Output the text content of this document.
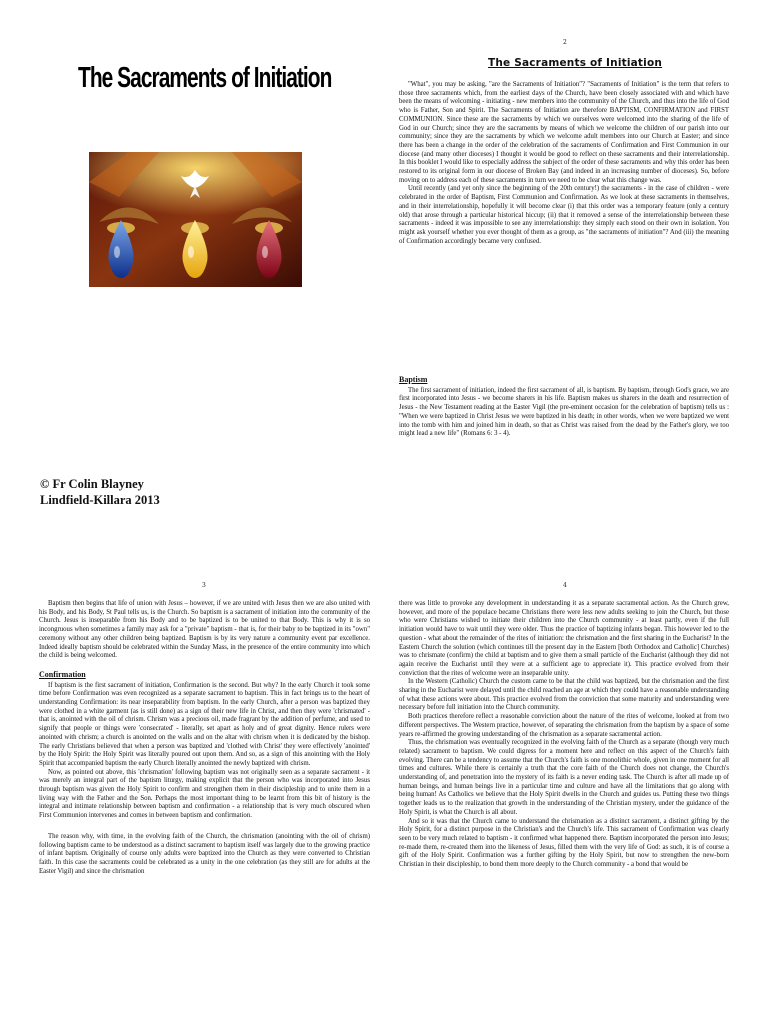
The Sacraments of Initiation
© Fr Colin Blayney
Lindfield-Killara 2013
2
The Sacraments of Initiation

"What", you may be asking, "are the Sacraments of Initiation"? "Sacraments of Initiation" is the term that refers to those three sacraments which, from the earliest days of the Church, have been closely associated with and which have been the means of welcoming - initiating - new members into the community of the Church, and thus into the life of God who is Father, Son and Spirit. The Sacraments of Initiation are therefore BAPTISM, CONFIRMATION and FIRST COMMUNION. Since these are the sacraments by which we ourselves were welcomed into the sharing of the life of God in our Church; since they are the sacraments by means of which we welcome the children of our parish into our community; since they are the sacraments by which we welcome adult members into our Church at Easter; and since there has been a change in the order of the celebration of the sacraments of Confirmation and First Communion in our diocese (and many other dioceses) I thought it would be good to reflect on these sacraments and their interrelationship. In this booklet I would like to especially address the subject of the order of these sacraments and why this order has been restored to its original form in our diocese of Broken Bay (and indeed in an increasing number of dioceses). So, before moving on to address each of these sacraments in turn we need to be clear what this change was.

Until recently (and yet only since the beginning of the 20th century!) the sacraments - in the case of children - were celebrated in the order of Baptism, First Communion and Confirmation. As we look at these sacraments in themselves, and in their interrelationship, hopefully it will become clear (i) that this order was a temporary feature (only a century old) that arose through a particular historical hiccup; (ii) that it removed a sense of the interrelationship between these sacraments - indeed it was impossible to see any interrelationship: they simply each stood on their own in isolation. You might ask yourself whether you ever thought of them as a group, as "the sacraments of initiation"? And (iii) the meaning of Confirmation accordingly became very confused.

Baptism

The first sacrament of initiation, indeed the first sacrament of all, is baptism. By baptism, through God's grace, we are first incorporated into Jesus - we become sharers in his life. Baptism makes us sharers in the death and resurrection of Jesus - the New Testament reading at the Easter Vigil (the pre-eminent occasion for the celebration of baptism) tells us : "When we were baptized in Christ Jesus we were baptized in his death; in other words, when we were baptized we went into the tomb with him and joined him in death, so that as Christ was raised from the dead by the Father's glory, we too might lead a new life" (Romans 6: 3 - 4).

3

Baptism then begins that life of union with Jesus – however, if we are united with Jesus then we are also united with his Body, and his Body, St Paul tells us, is the Church. So baptism is a sacrament of initiation into the community of the Church. Jesus is inseparable from his Body and to be baptized is to be united to that Body. This is why it is so incongruous when sometimes a family may ask for a "private" baptism - that is, for their baby to be baptized in its "own" ceremony without any other children being baptized. Baptism is by its very nature a community event par excellence. Indeed ideally baptism should be celebrated within the Sunday Mass, in the presence of the entire community into which the child is being welcomed.

Confirmation

If baptism is the first sacrament of initiation, Confirmation is the second. But why? In the early Church it took some time before Confirmation was even recognized as a separate sacrament to baptism. This in fact brings us to the heart of understanding Confirmation: its near inseparability from baptism. In the early Church, after a person was baptized they were clothed in a white garment (as is still done) as a sign of their new life in Christ, and then they were 'chrismated' - that is, anointed with the oil of chrism. Chrism was a precious oil, made fragrant by the addition of perfume, and used to signify that people or things were 'consecrated' - literally, set apart as holy and of great dignity. Hence rulers were anointed with chrism; a church is anointed on the walls and on the altar with chrism when it is dedicated by the bishop. The early Christians believed that when a person was baptized and 'clothed with Christ' they were effectively 'anointed' by the Holy Spirit: the Holy Spirit was literally poured out upon them. And so, as a sign of this anointing with the Holy Spirit that accompanied baptism the early Church literally anointed the newly baptized with chrism.

Now, as pointed out above, this 'chrismation' following baptism was not originally seen as a separate sacrament - it was merely an integral part of the baptism liturgy, making explicit that the person who was incorporated into Jesus through baptism was given the Holy Spirit to confirm and strengthen them in their discipleship and to unite them in a living way with the Father and the Son. Perhaps the most important thing to be learnt from this bit of history is the integral and intimate relationship between baptism and confirmation - a relationship that is very much obscured when First Communion intervenes and comes in between baptism and confirmation.

The reason why, with time, in the evolving faith of the Church, the chrismation (anointing with the oil of chrism) following baptism came to be understood as a distinct sacrament to baptism itself was largely due to the growing practice of infant baptism. Originally of course only adults were baptized into the Church as they were converted to Christian faith. In this case the sacraments could be celebrated as a unity in the one celebration (as they still are for adults at the Easter Vigil) and since the chrismation

4

there was little to provoke any development in understanding it as a separate sacramental action. As the Church grew, however, and more of the populace became Christians there were less new adults seeking to join the Church, but those who were Christians wished to initiate their children into the Church community - at least partly, even if the full initiation would have to wait until they were older. Thus the practice of baptizing infants began. This however led to the question - what about the remainder of the rites of initiation: the chrismation and the first sharing in the Eucharist? In the Eastern Church the solution (which continues till the present day in the Eastern [both Orthodox and Catholic] Churches) was to chrismate (confirm) the child at baptism and to give them a small particle of the Eucharist (although they did not again receive the Eucharist until they were at a sufficient age to appreciate it). This practice evolved from their conviction that the rites of welcome were an inseparable unity.

In the Western (Catholic) Church the custom came to be that the child was baptized, but the chrismation and the first sharing in the Eucharist were delayed until the child reached an age at which they could have a reasonable understanding of what these actions were about. This practice evolved from the conviction that some maturity and understanding were necessary before full initiation into the Church community.

Both practices therefore reflect a reasonable conviction about the nature of the rites of welcome, looked at from two different perspectives. The Western practice, however, of separating the chrismation from the baptism by a space of some years re-affirmed the growing understanding of the chrismation as a separate sacramental action.

Thus, the chrismation was eventually recognized in the evolving faith of the Church as a separate (though very much related) sacrament to baptism. We could digress for a moment here and reflect on this aspect of the Church's faith evolving. There can be a tendency to assume that the Church's faith is one monolithic whole, given in one moment for all times and cultures. While there is certainly a truth that the core faith of the Church does not change, the Church's understanding of, and penetration into the mystery of its faith is a never ending task. The Church is after all made up of human beings, and human beings live in a particular time and culture and have all the limitations that go along with being human! As Catholics we believe that the Holy Spirit dwells in the Church and guides us. Putting these two things together leads us to the realization that growth in the understanding of the Christian mystery, under the guidance of the Holy Spirit, is what the Church is all about.

And so it was that the Church came to understand the chrismation as a distinct sacrament, a distinct gifting by the Holy Spirit, for a distinct purpose in the Christian's and the Church's life. This sacrament of Confirmation was clearly seen to be very much related to baptism - it confirmed what happened there. Baptism incorporated the person into Jesus; re-made them, re-created them into the likeness of Jesus, filled them with the very life of God: as such, it is of course a gift of the Holy Spirit. Confirmation was a further gifting by the Holy Spirit, but now to strengthen the new-born Christian in their discipleship, to bond them more deeply to the Church community - a bond that would be
